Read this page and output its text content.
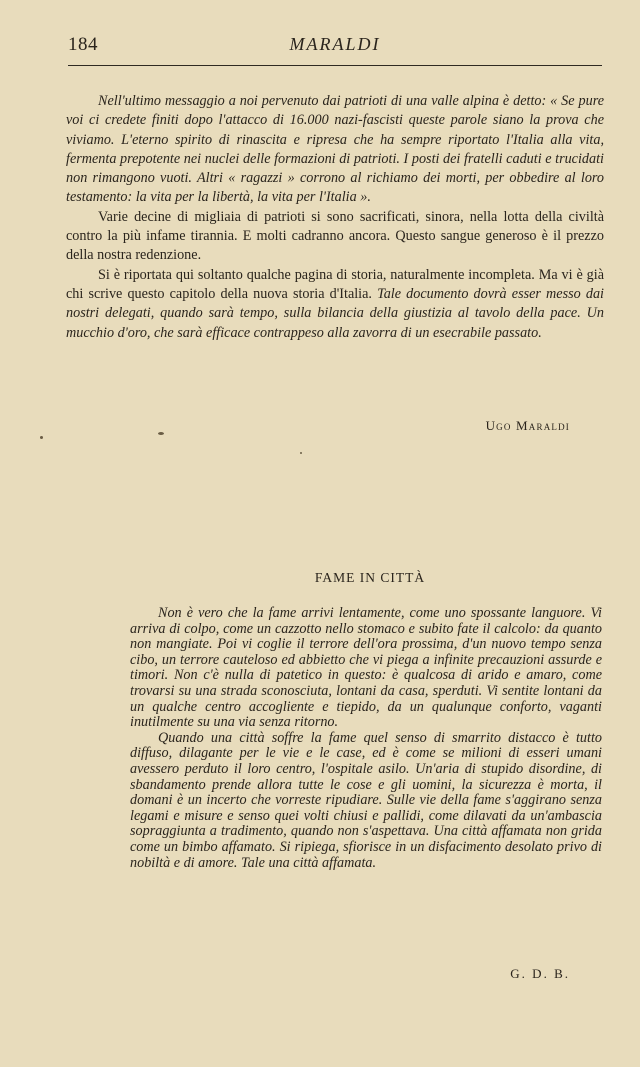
184	MARALDI

Nell'ultimo messaggio a noi pervenuto dai patrioti di una valle alpina è detto: « Se pure voi ci credete finiti dopo l'attacco di 16.000 nazi-fascisti queste parole siano la prova che viviamo. L'eterno spirito di rinascita e ripresa che ha sempre riportato l'Italia alla vita, fermenta prepotente nei nuclei delle formazioni di patrioti. I posti dei fratelli caduti e trucidati non rimangono vuoti. Altri « ragazzi » corrono al richiamo dei morti, per obbedire al loro testamento: la vita per la libertà, la vita per l'Italia ».

Varie decine di migliaia di patrioti si sono sacrificati, sinora, nella lotta della civiltà contro la più infame tirannia. E molti cadranno ancora. Questo sangue generoso è il prezzo della nostra redenzione.

Si è riportata qui soltanto qualche pagina di storia, naturalmente incompleta. Ma vi è già chi scrive questo capitolo della nuova storia d'Italia. Tale documento dovrà esser messo dai nostri delegati, quando sarà tempo, sulla bilancia della giustizia al tavolo della pace. Un mucchio d'oro, che sarà efficace contrappeso alla zavorra di un esecrabile passato.

Ugo Maraldi
FAME IN CITTÀ

Non è vero che la fame arrivi lentamente, come uno spossante languore. Vi arriva di colpo, come un cazzotto nello stomaco e subito fate il calcolo: da quanto non mangiate. Poi vi coglie il terrore dell'ora prossima, d'un nuovo tempo senza cibo, un terrore cauteloso ed abbietto che vi piega a infinite precauzioni assurde e timori. Non c'è nulla di patetico in questo: è qualcosa di arido e amaro, come trovarsi su una strada sconosciuta, lontani da casa, sperduti. Vi sentite lontani da un qualche centro accogliente e tiepido, da un qualunque conforto, vaganti inutilmente su una via senza ritorno.

Quando una città soffre la fame quel senso di smarrito distacco è tutto diffuso, dilagante per le vie e le case, ed è come se milioni di esseri umani avessero perduto il loro centro, l'ospitale asilo. Un'aria di stupido disordine, di sbandamento prende allora tutte le cose e gli uomini, la sicurezza è morta, il domani è un incerto che vorreste ripudiare. Sulle vie della fame s'aggirano senza legami e misure e senso quei volti chiusi e pallidi, come dilavati da un'ambascia sopraggiunta a tradimento, quando non s'aspettava. Una città affamata non grida come un bimbo affamato. Si ripiega, sfiorisce in un disfacimento desolato privo di nobiltà e di amore. Tale una città affamata.

G. D. B.
